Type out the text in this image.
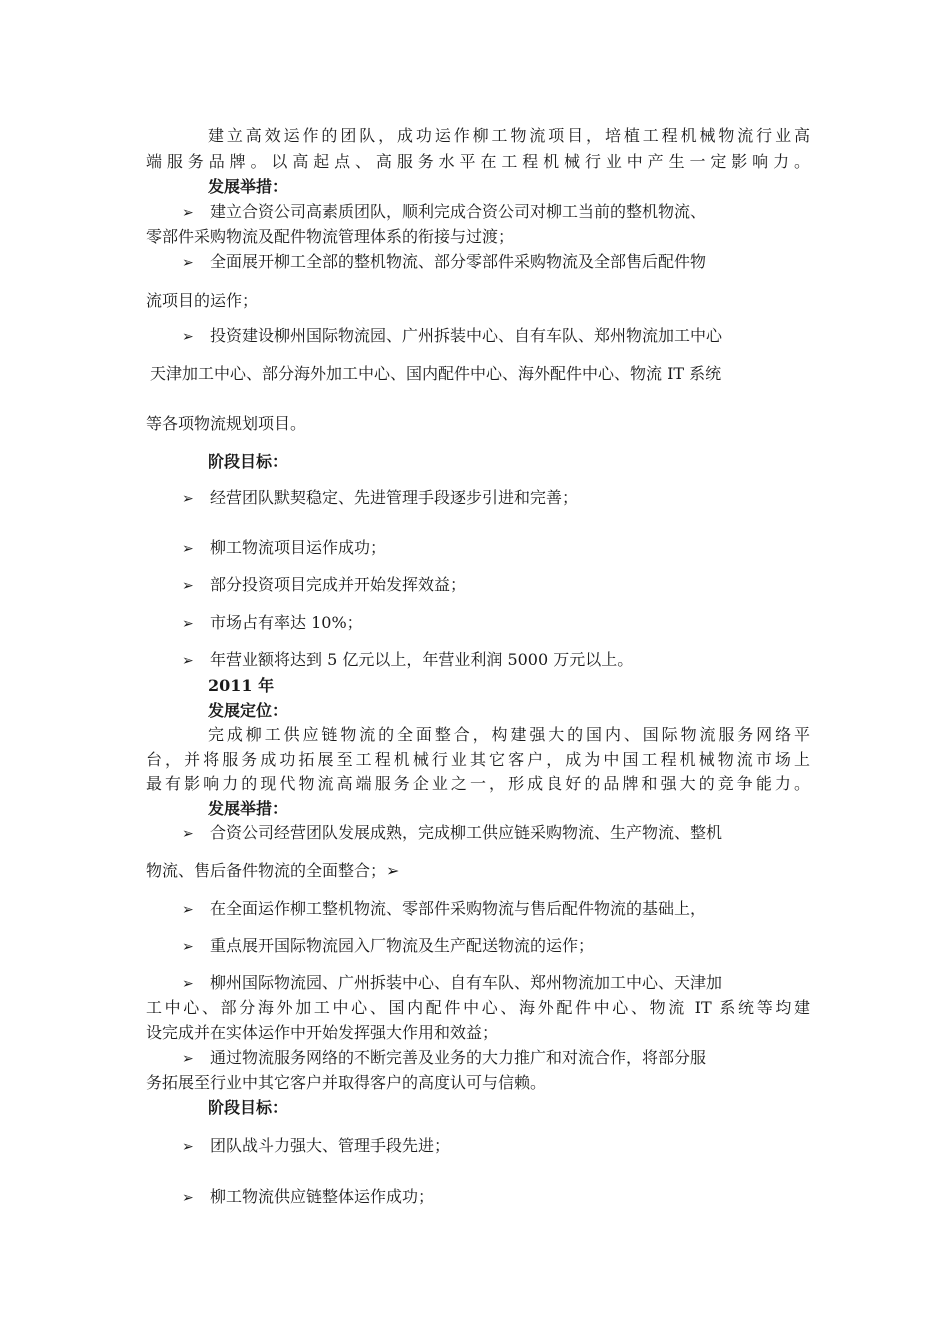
建立高效运作的团队，成功运作柳工物流项目，培植工程机械物流行业高
端服务品牌。以高起点、高服务水平在工程机械行业中产生一定影响力。
发展举措：
➢ 建立合资公司高素质团队，顺利完成合资公司对柳工当前的整机物流、
零部件采购物流及配件物流管理体系的衔接与过渡；
➢ 全面展开柳工全部的整机物流、部分零部件采购物流及全部售后配件物
流项目的运作；
➢ 投资建设柳州国际物流园、广州拆装中心、自有车队、郑州物流加工中心
天津加工中心、部分海外加工中心、国内配件中心、海外配件中心、物流 IT 系统
等各项物流规划项目。
阶段目标：
➢ 经营团队默契稳定、先进管理手段逐步引进和完善；
➢ 柳工物流项目运作成功；
➢ 部分投资项目完成并开始发挥效益；
➢ 市场占有率达 10%；
➢ 年营业额将达到 5 亿元以上，年营业利润 5000 万元以上。
2011 年
发展定位：
完成柳工供应链物流的全面整合，构建强大的国内、国际物流服务网络平
台，并将服务成功拓展至工程机械行业其它客户，成为中国工程机械物流市场上
最有影响力的现代物流高端服务企业之一，形成良好的品牌和强大的竞争能力。
发展举措：
➢ 合资公司经营团队发展成熟，完成柳工供应链采购物流、生产物流、整机
物流、售后备件物流的全面整合；➢
➢ 在全面运作柳工整机物流、零部件采购物流与售后配件物流的基础上，
➢ 重点展开国际物流园入厂物流及生产配送物流的运作；
➢ 柳州国际物流园、广州拆装中心、自有车队、郑州物流加工中心、天津加
工中心、部分海外加工中心、国内配件中心、海外配件中心、物流 IT 系统等均建
设完成并在实体运作中开始发挥强大作用和效益；
➢ 通过物流服务网络的不断完善及业务的大力推广和对流合作，将部分服
务拓展至行业中其它客户并取得客户的高度认可与信赖。
阶段目标：
➢ 团队战斗力强大、管理手段先进；
➢ 柳工物流供应链整体运作成功；
